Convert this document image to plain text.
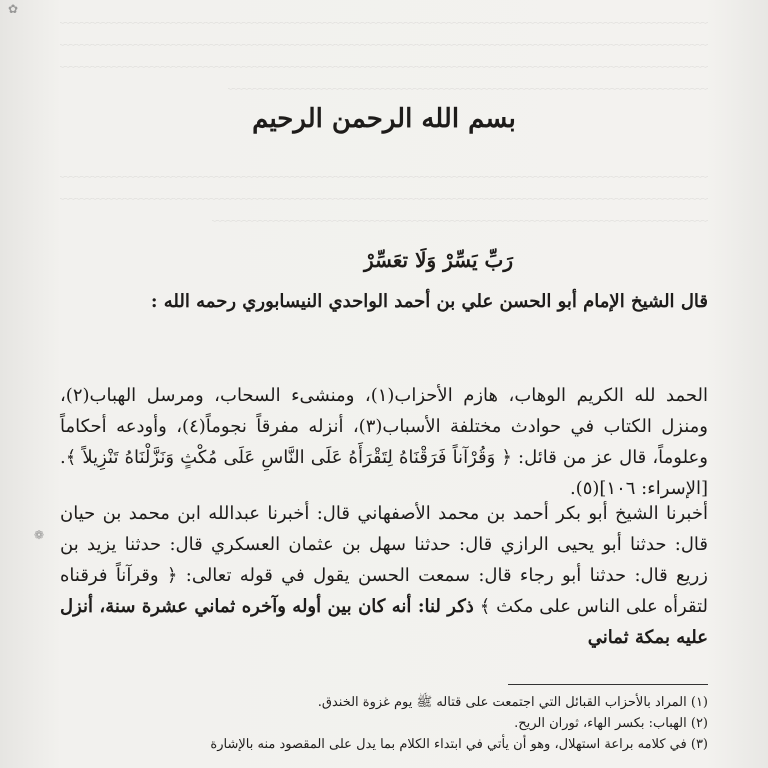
﹏﹏﹏﹏﹏﹏﹏﹏﹏﹏﹏﹏﹏﹏﹏﹏﹏﹏﹏﹏﹏﹏﹏﹏﹏﹏﹏﹏﹏﹏﹏﹏﹏﹏﹏﹏﹏﹏﹏﹏ ﹏﹏﹏﹏﹏﹏﹏﹏﹏﹏﹏﹏﹏﹏﹏﹏﹏﹏﹏﹏﹏﹏﹏﹏﹏﹏﹏﹏﹏﹏﹏﹏﹏﹏﹏﹏﹏﹏﹏﹏ ﹏﹏﹏﹏﹏﹏﹏﹏﹏﹏﹏﹏﹏﹏﹏﹏﹏﹏﹏﹏﹏﹏﹏﹏﹏﹏﹏﹏﹏﹏﹏﹏﹏﹏﹏﹏﹏﹏﹏﹏ ﹏﹏﹏﹏﹏﹏﹏﹏﹏﹏﹏﹏﹏﹏﹏﹏﹏﹏﹏﹏﹏﹏﹏﹏﹏﹏﹏﹏﹏﹏
﹏﹏﹏﹏﹏﹏﹏﹏﹏﹏﹏﹏﹏﹏﹏﹏﹏﹏﹏﹏﹏﹏﹏﹏﹏﹏﹏﹏﹏﹏﹏﹏﹏﹏﹏﹏﹏﹏﹏﹏ ﹏﹏﹏﹏﹏﹏﹏﹏﹏﹏﹏﹏﹏﹏﹏﹏﹏﹏﹏﹏﹏﹏﹏﹏﹏﹏﹏﹏﹏﹏﹏﹏﹏﹏﹏﹏﹏﹏﹏﹏ ﹏﹏﹏﹏﹏﹏﹏﹏﹏﹏﹏﹏﹏﹏﹏﹏﹏﹏﹏﹏﹏﹏﹏﹏﹏﹏﹏﹏﹏﹏﹏
✿
❁
بسم الله الرحمن الرحيم
رَبِّ يَسِّرْ وَلَا تعَسِّرْ
قال الشيخ الإمام أبو الحسن علي بن أحمد الواحدي النيسابوري رحمه الله :
الحمد لله الكريم الوهاب، هازم الأحزاب(١)، ومنشىء السحاب، ومرسل الهباب(٢)، ومنزل الكتاب في حوادث مختلفة الأسباب(٣)، أنزله مفرقاً نجوماً(٤)، وأودعه أحكاماً وعلوماً، قال عز من قائل: ﴿ وَقُرْآناً فَرَقْنَاهُ لِتَقْرَأَهُ عَلَى النَّاسِ عَلَى مُكْثٍ وَنَزَّلْنَاهُ تَنْزِيلاً ﴾. [الإسراء: ١٠٦](٥).
أخبرنا الشيخ أبو بكر أحمد بن محمد الأصفهاني قال: أخبرنا عبدالله ابن محمد بن حيان قال: حدثنا أبو يحيى الرازي قال: حدثنا سهل بن عثمان العسكري قال: حدثنا يزيد بن زريع قال: حدثنا أبو رجاء قال: سمعت الحسن يقول في قوله تعالى: ﴿ وقرآناً فرقناه لتقرأه على الناس على مكث ﴾ ذكر لنا: أنه كان بين أوله وآخره ثماني عشرة سنة، أنزل عليه بمكة ثماني
(١) المراد بالأحزاب القبائل التي اجتمعت على قتاله ﷺ يوم غزوة الخندق.
(٢) الهباب: بكسر الهاء، ثوران الريح.
(٣) في كلامه براعة استهلال، وهو أن يأتي في ابتداء الكلام بما يدل على المقصود منه بالإشارة
